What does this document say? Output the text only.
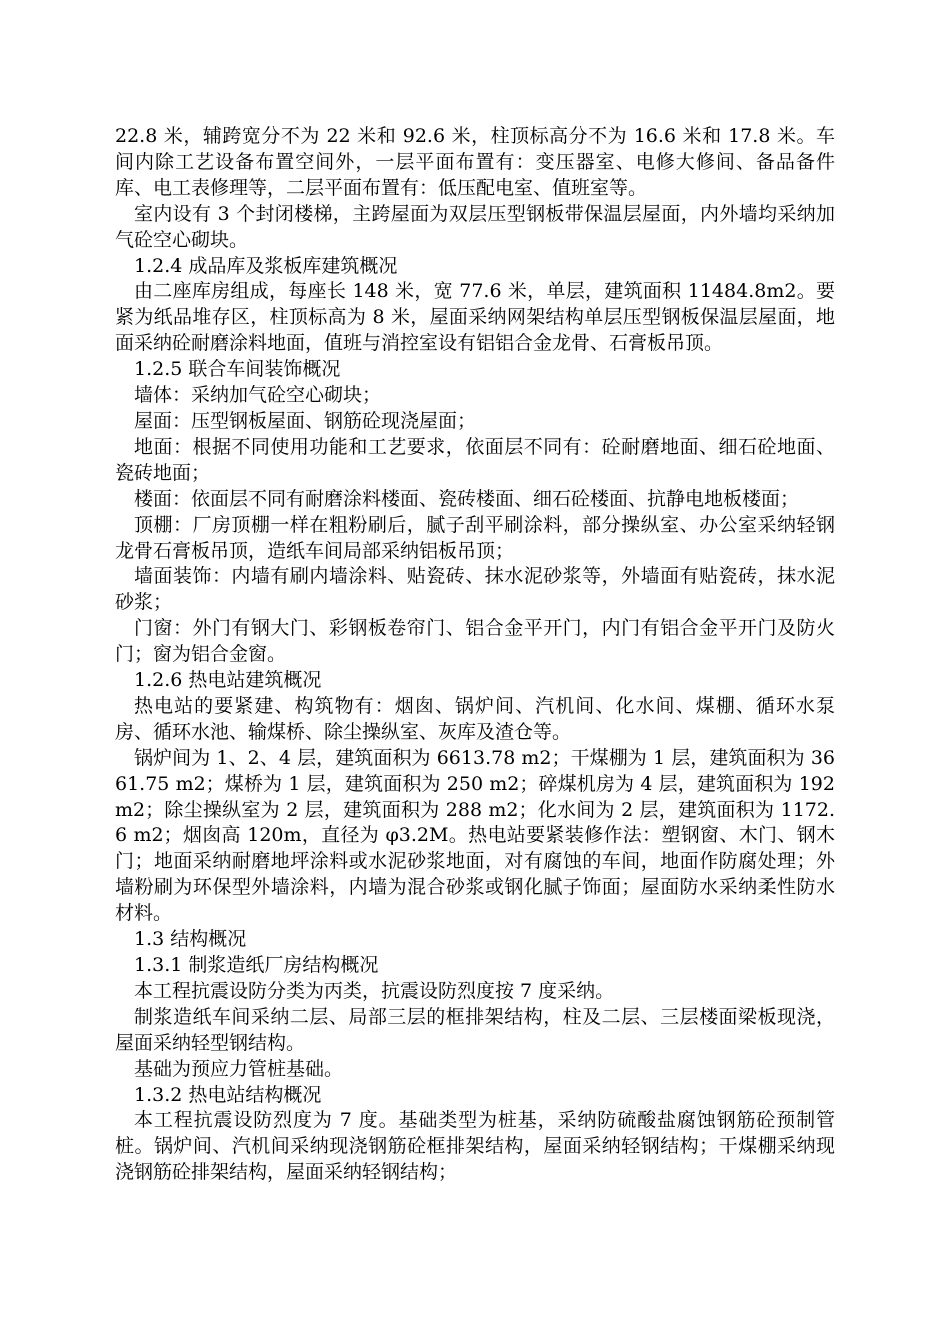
22.8 米，辅跨宽分不为 22 米和 92.6 米，柱顶标高分不为 16.6 米和 17.8 米。车间内除工艺设备布置空间外，一层平面布置有：变压器室、电修大修间、备品备件库、电工表修理等，二层平面布置有：低压配电室、值班室等。

室内设有 3 个封闭楼梯，主跨屋面为双层压型钢板带保温层屋面，内外墙均采纳加气砼空心砌块。

1.2.4 成品库及浆板库建筑概况

由二座库房组成，每座长 148 米，宽 77.6 米，单层，建筑面积 11484.8m2。要紧为纸品堆存区，柱顶标高为 8 米，屋面采纳网架结构单层压型钢板保温层屋面，地面采纳砼耐磨涂料地面，值班与消控室设有铝铝合金龙骨、石膏板吊顶。

1.2.5 联合车间装饰概况

墙体：采纳加气砼空心砌块；

屋面：压型钢板屋面、钢筋砼现浇屋面；

地面：根据不同使用功能和工艺要求，依面层不同有：砼耐磨地面、细石砼地面、瓷砖地面；

楼面：依面层不同有耐磨涂料楼面、瓷砖楼面、细石砼楼面、抗静电地板楼面；

顶棚：厂房顶棚一样在粗粉刷后，腻子刮平刷涂料，部分操纵室、办公室采纳轻钢龙骨石膏板吊顶，造纸车间局部采纳铝板吊顶；

墙面装饰：内墙有刷内墙涂料、贴瓷砖、抹水泥砂浆等，外墙面有贴瓷砖，抹水泥砂浆；

门窗：外门有钢大门、彩钢板卷帘门、铝合金平开门，内门有铝合金平开门及防火门；窗为铝合金窗。

1.2.6 热电站建筑概况

热电站的要紧建、构筑物有：烟囱、锅炉间、汽机间、化水间、煤棚、循环水泵房、循环水池、输煤桥、除尘操纵室、灰库及渣仓等。

锅炉间为 1、2、4 层，建筑面积为 6613.78 m2；干煤棚为 1 层，建筑面积为 3661.75 m2；煤桥为 1 层，建筑面积为 250 m2；碎煤机房为 4 层，建筑面积为 192 m2；除尘操纵室为 2 层，建筑面积为 288 m2；化水间为 2 层，建筑面积为 1172.6 m2；烟囱高 120m，直径为 φ3.2M。热电站要紧装修作法：塑钢窗、木门、钢木门；地面采纳耐磨地坪涂料或水泥砂浆地面，对有腐蚀的车间，地面作防腐处理；外墙粉刷为环保型外墙涂料，内墙为混合砂浆或钢化腻子饰面；屋面防水采纳柔性防水材料。

1.3 结构概况

1.3.1 制浆造纸厂房结构概况

本工程抗震设防分类为丙类，抗震设防烈度按 7 度采纳。

制浆造纸车间采纳二层、局部三层的框排架结构，柱及二层、三层楼面梁板现浇，屋面采纳轻型钢结构。

基础为预应力管桩基础。

1.3.2 热电站结构概况

本工程抗震设防烈度为 7 度。基础类型为桩基，采纳防硫酸盐腐蚀钢筋砼预制管桩。锅炉间、汽机间采纳现浇钢筋砼框排架结构，屋面采纳轻钢结构；干煤棚采纳现浇钢筋砼排架结构，屋面采纳轻钢结构；
